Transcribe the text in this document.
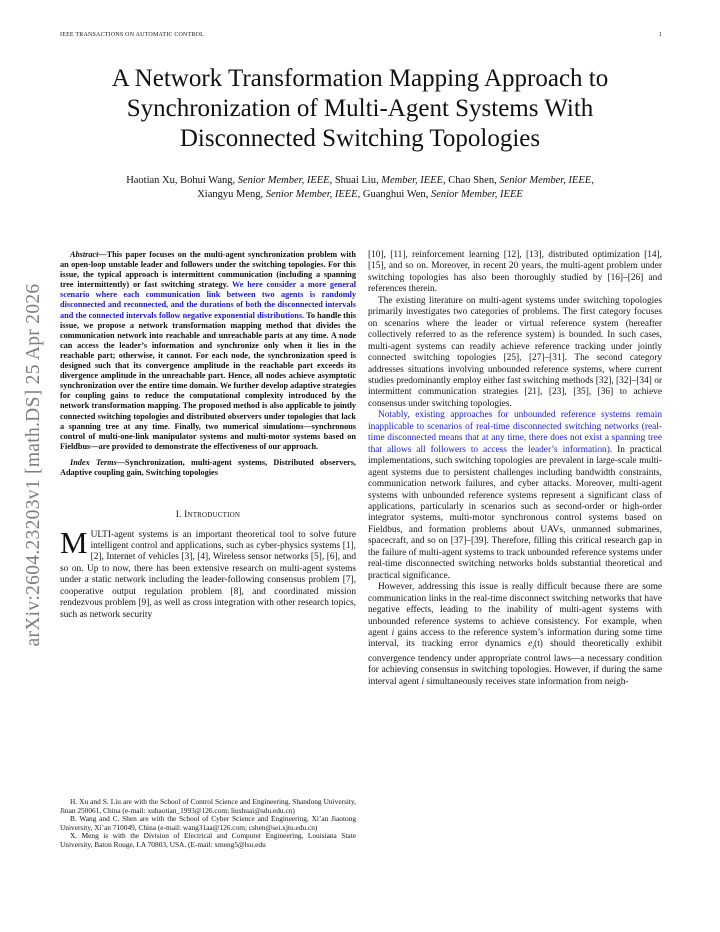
IEEE TRANSACTIONS ON AUTOMATIC CONTROL	1
arXiv:2604.23203v1 [math.DS] 25 Apr 2026
A Network Transformation Mapping Approach to Synchronization of Multi-Agent Systems With Disconnected Switching Topologies
Haotian Xu, Bohui Wang, Senior Member, IEEE, Shuai Liu, Member, IEEE, Chao Shen, Senior Member, IEEE,
Xiangyu Meng, Senior Member, IEEE, Guanghui Wen, Senior Member, IEEE

Abstract—This paper focuses on the multi-agent synchronization problem with an open-loop unstable leader and followers under the switching topologies. For this issue, the typical approach is intermittent communication (including a spanning tree intermittently) or fast switching strategy. We here consider a more general scenario where each communication link between two agents is randomly disconnected and reconnected, and the durations of both the disconnected intervals and the connected intervals follow negative exponential distributions. To handle this issue, we propose a network transformation mapping method that divides the communication network into reachable and unreachable parts at any time. A node can access the leader’s information and synchronize only when it lies in the reachable part; otherwise, it cannot. For each node, the synchronization speed is designed such that its convergence amplitude in the reachable part exceeds its divergence amplitude in the unreachable part. Hence, all nodes achieve asymptotic synchronization over the entire time domain. We further develop adaptive strategies for coupling gains to reduce the computational complexity introduced by the network transformation mapping. The proposed method is also applicable to jointly connected switching topologies and distributed observers under topologies that lack a spanning tree at any time. Finally, two numerical simulations—synchronous control of multi-one-link manipulator systems and multi-motor systems based on Fieldbus—are provided to demonstrate the effectiveness of our approach.

Index Terms—Synchronization, multi-agent systems, Distributed observers, Adaptive coupling gain, Switching topologies

I. Introduction

MULTI-agent systems is an important theoretical tool to solve future intelligent control and applications, such as cyber-physics systems [1], [2], Internet of vehicles [3], [4], Wireless sensor networks [5], [6], and so on. Up to now, there has been extensive research on multi-agent systems under a static network including the leader-following consensus problem [7], cooperative output regulation problem [8], and coordinated mission rendezvous problem [9], as well as cross integration with other research topics, such as network security

[10], [11], reinforcement learning [12], [13], distributed optimization [14], [15], and so on. Moreover, in recent 20 years, the multi-agent problem under switching topologies has also been thoroughly studied by [16]–[26] and references therein.

The existing literature on multi-agent systems under switching topologies primarily investigates two categories of problems. The first category focuses on scenarios where the leader or virtual reference system (hereafter collectively referred to as the reference system) is bounded. In such cases, multi-agent systems can readily achieve reference tracking under jointly connected switching topologies [25], [27]–[31]. The second category addresses situations involving unbounded reference systems, where current studies predominantly employ either fast switching methods [32], [32]–[34] or intermittent communication strategies [21], [23], [35], [36] to achieve consensus under switching topologies.

Notably, existing approaches for unbounded reference systems remain inapplicable to scenarios of real-time disconnected switching networks (real-time disconnected means that at any time, there does not exist a spanning tree that allows all followers to access the leader’s information). In practical implementations, such switching topologies are prevalent in large-scale multi-agent systems due to persistent challenges including bandwidth constraints, communication network failures, and cyber attacks. Moreover, multi-agent systems with unbounded reference systems represent a significant class of applications, particularly in scenarios such as second-order or high-order integrator systems, multi-motor synchronous control systems based on Fieldbus, and formation problems about UAVs, unmanned submarines, spacecraft, and so on [37]–[39]. Therefore, filling this critical research gap in the failure of multi-agent systems to track unbounded reference systems under real-time disconnected switching networks holds substantial theoretical and practical significance.

However, addressing this issue is really difficult because there are some communication links in the real-time disconnect switching networks that have negative effects, leading to the inability of multi-agent systems with unbounded reference systems to achieve consistency. For example, when agent i gains access to the reference system’s information during some time interval, its tracking error dynamics $e_i(t)$ should theoretically exhibit convergence tendency under appropriate control laws—a necessary condition for achieving consensus in switching topologies. However, if during the same interval agent i simultaneously receives state information from neigh-

H. Xu and S. Liu are with the School of Control Science and Engineering, Shandong University, Jinan 250061, China (e-mail: xuhaotian_1993@126.com; liushuai@sdu.edu.cn)

B. Wang and C. Shen are with the School of Cyber Science and Engineering, Xi’an Jiaotong University, Xi’an 710049, China (e-mail: wang31aa@126.com; cshen@sei.xjtu.edu.cn)

X. Meng is with the Division of Electrical and Computer Engineering, Louisiana State University, Baton Rouge, LA 70803, USA. (E-mail: xmeng5@lsu.edu
